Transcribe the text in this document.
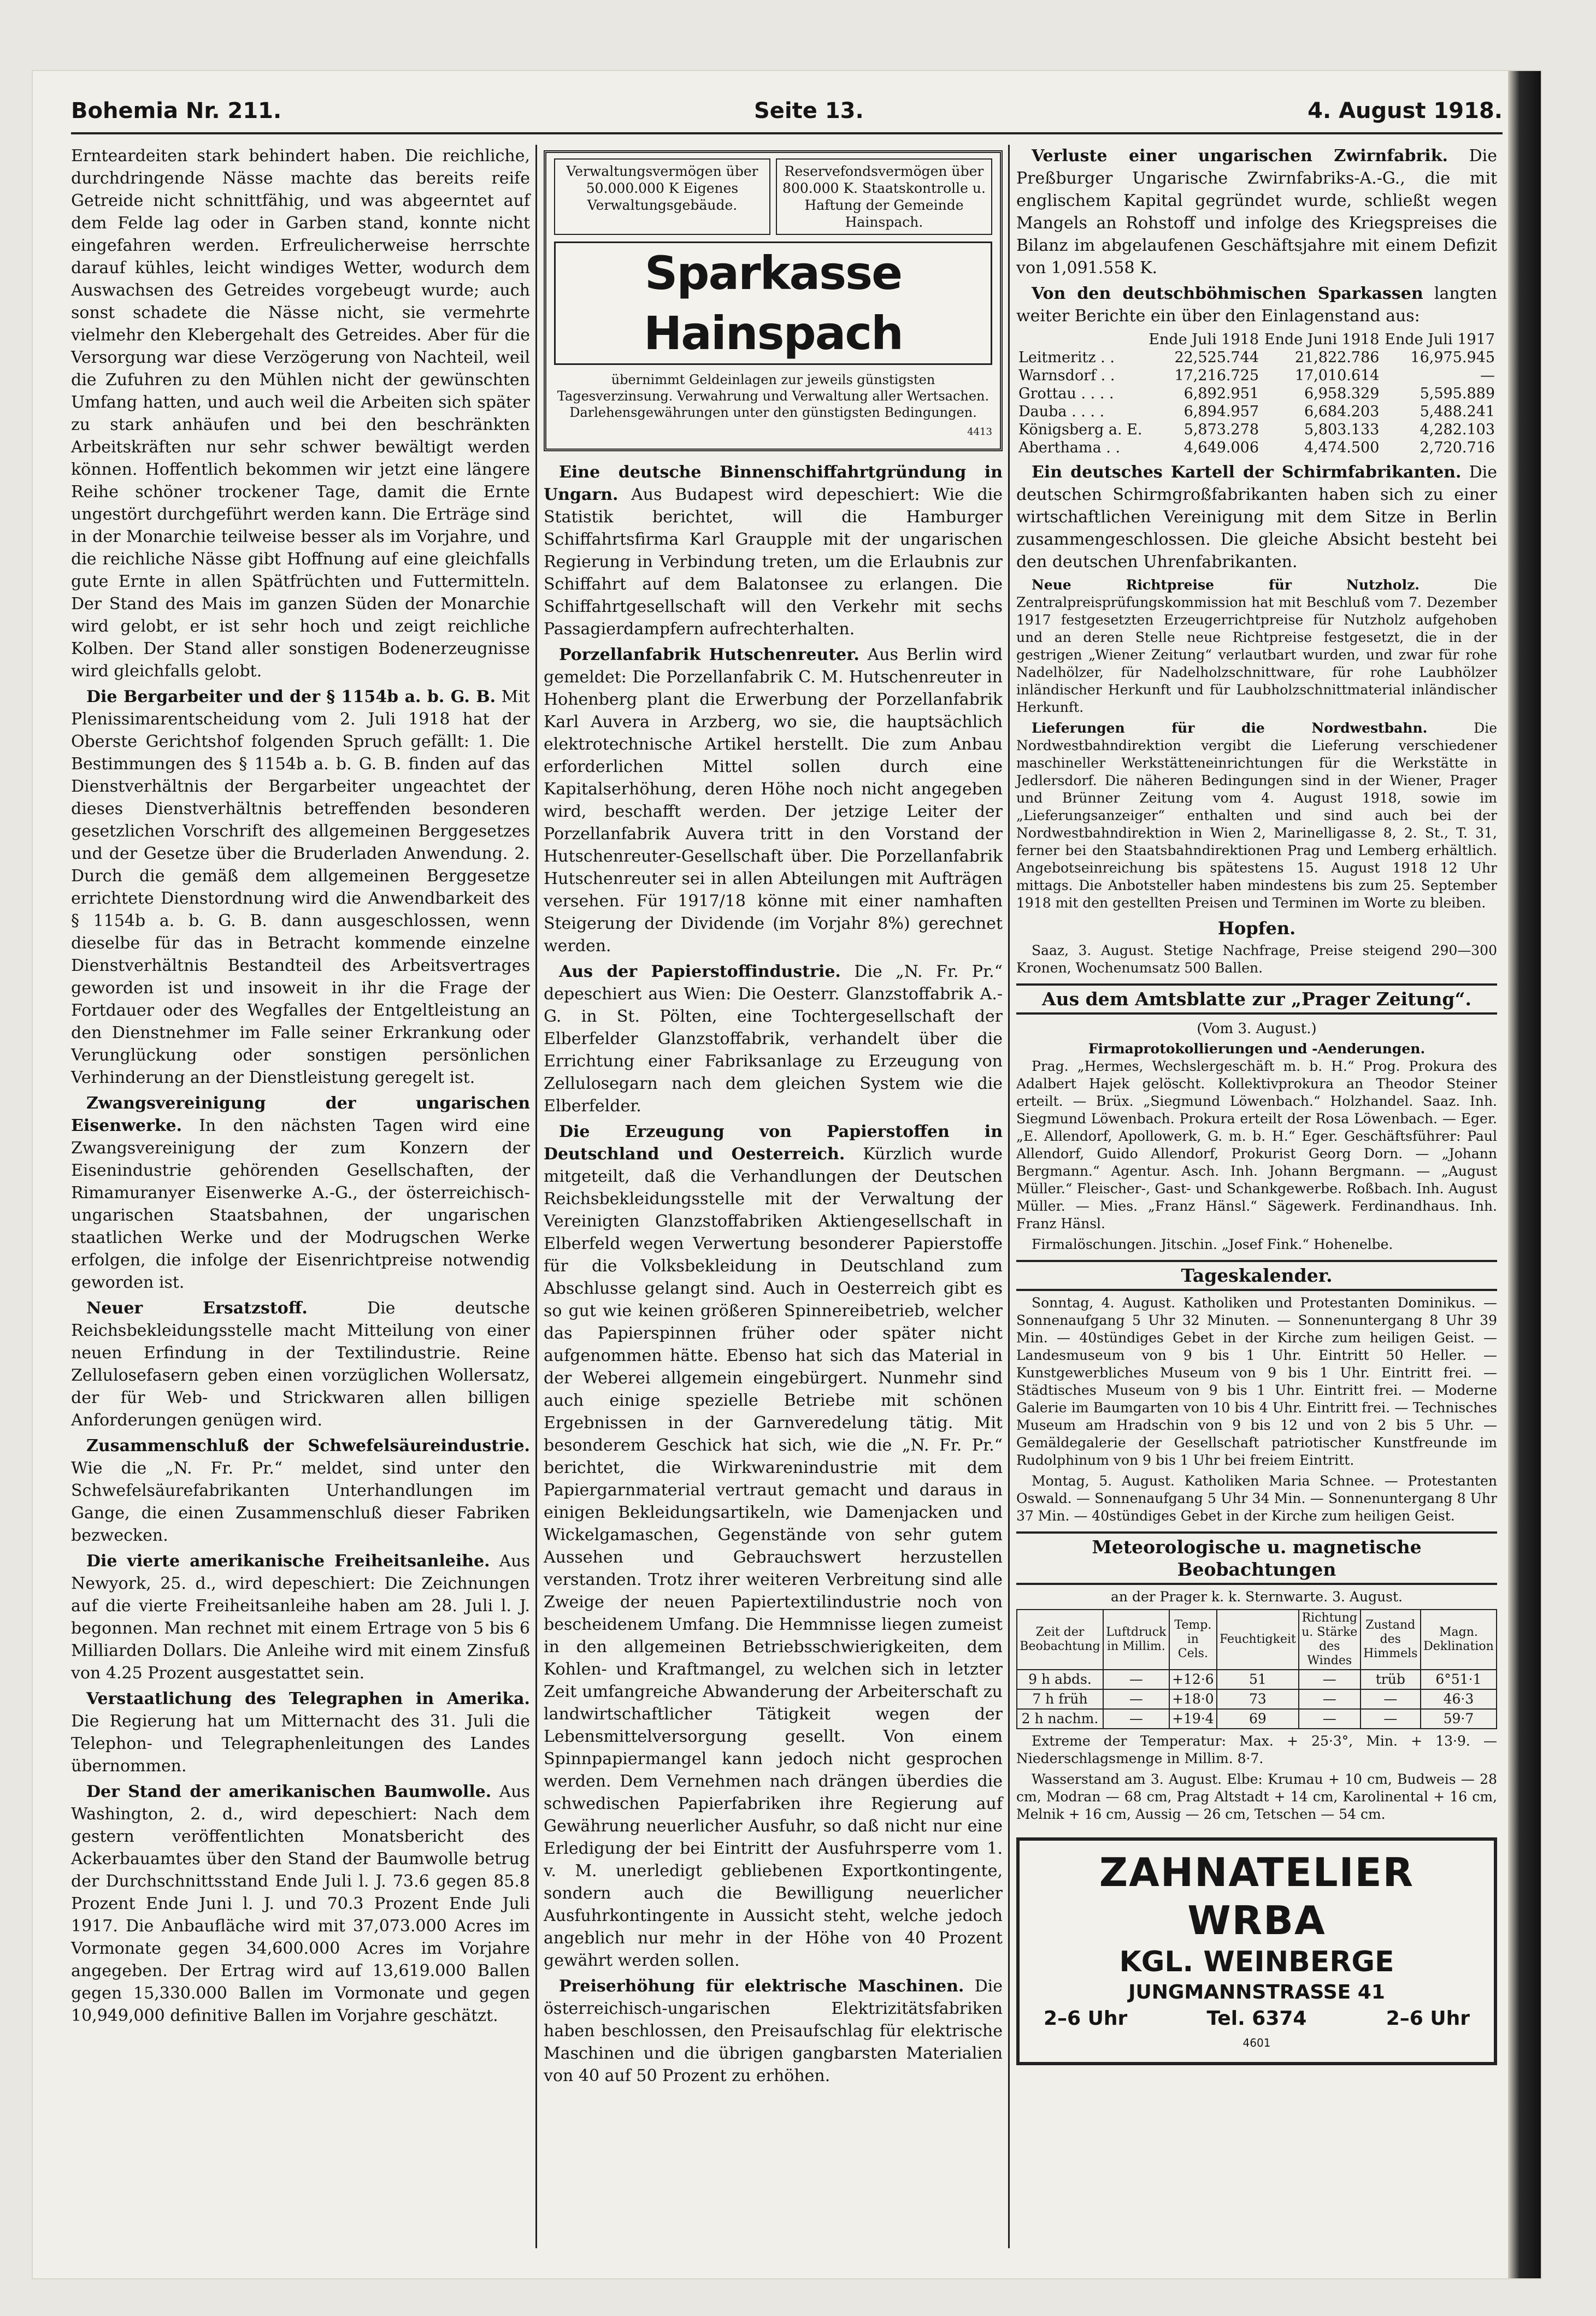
Bohemia Nr. 211.	Seite 13.	4. August 1918.

Ernteardeiten stark behindert haben. Die reichliche, durchdringende Nässe machte das bereits reife Getreide nicht schnittfähig, und was abgeerntet auf dem Felde lag oder in Garben stand, konnte nicht eingefahren werden. Erfreulicherweise herrschte darauf kühles, leicht windiges Wetter, wodurch dem Auswachsen des Getreides vorgebeugt wurde; auch sonst schadete die Nässe nicht, sie vermehrte vielmehr den Klebergehalt des Getreides. Aber für die Versorgung war diese Verzögerung von Nachteil, weil die Zufuhren zu den Mühlen nicht der gewünschten Umfang hatten, und auch weil die Arbeiten sich später zu stark anhäufen und bei den beschränkten Arbeitskräften nur sehr schwer bewältigt werden können. Hoffentlich bekommen wir jetzt eine längere Reihe schöner trockener Tage, damit die Ernte ungestört durchgeführt werden kann. Die Erträge sind in der Monarchie teilweise besser als im Vorjahre, und die reichliche Nässe gibt Hoffnung auf eine gleichfalls gute Ernte in allen Spätfrüchten und Futtermitteln. Der Stand des Mais im ganzen Süden der Monarchie wird gelobt, er ist sehr hoch und zeigt reichliche Kolben. Der Stand aller sonstigen Bodenerzeugnisse wird gleichfalls gelobt.

Die Bergarbeiter und der § 1154b a. b. G. B. Mit Plenissimarentscheidung vom 2. Juli 1918 hat der Oberste Gerichtshof folgenden Spruch gefällt: 1. Die Bestimmungen des § 1154b a. b. G. B. finden auf das Dienstverhältnis der Bergarbeiter ungeachtet der dieses Dienstverhältnis betreffenden besonderen gesetzlichen Vorschrift des allgemeinen Berggesetzes und der Gesetze über die Bruderladen Anwendung. 2. Durch die gemäß dem allgemeinen Berggesetze errichtete Dienstordnung wird die Anwendbarkeit des § 1154b a. b. G. B. dann ausgeschlossen, wenn dieselbe für das in Betracht kommende einzelne Dienstverhältnis Bestandteil des Arbeitsvertrages geworden ist und insoweit in ihr die Frage der Fortdauer oder des Wegfalles der Entgeltleistung an den Dienstnehmer im Falle seiner Erkrankung oder Verunglückung oder sonstigen persönlichen Verhinderung an der Dienstleistung geregelt ist.

Zwangsvereinigung der ungarischen Eisenwerke. In den nächsten Tagen wird eine Zwangsvereinigung der zum Konzern der Eisenindustrie gehörenden Gesellschaften, der Rimamuranyer Eisenwerke A.-G., der österreichisch-ungarischen Staatsbahnen, der ungarischen staatlichen Werke und der Modrugschen Werke erfolgen, die infolge der Eisenrichtpreise notwendig geworden ist.

Neuer Ersatzstoff.	Die deutsche Reichsbekleidungsstelle macht Mitteilung von einer neuen Erfindung in der Textilindustrie. Reine Zellulosefasern geben einen vorzüglichen Wollersatz, der für Web- und Strickwaren allen billigen Anforderungen genügen wird.

Zusammenschluß der Schwefelsäureindustrie. Wie die „N. Fr. Pr.“ meldet, sind unter den Schwefelsäurefabrikanten Unterhandlungen im Gange, die einen Zusammenschluß dieser Fabriken bezwecken.

Die vierte amerikanische Freiheitsanleihe. Aus Newyork, 25. d., wird depeschiert: Die Zeichnungen auf die vierte Freiheitsanleihe haben am 28. Juli l. J. begonnen. Man rechnet mit einem Ertrage von 5 bis 6 Milliarden Dollars. Die Anleihe wird mit einem Zinsfuß von 4.25 Prozent ausgestattet sein.

Verstaatlichung des Telegraphen in Amerika. Die Regierung hat um Mitternacht des 31. Juli die Telephon- und Telegraphenleitungen des Landes übernommen.

Der Stand der amerikanischen Baumwolle. Aus Washington, 2. d., wird depeschiert: Nach dem gestern veröffentlichten Monatsbericht des Ackerbauamtes über den Stand der Baumwolle betrug der Durchschnittsstand Ende Juli l. J. 73.6 gegen 85.8 Prozent Ende Juni l. J. und 70.3 Prozent Ende Juli 1917. Die Anbaufläche wird mit 37,073.000 Acres im Vormonate gegen 34,600.000 Acres im Vorjahre angegeben. Der Ertrag wird auf 13,619.000 Ballen gegen 15,330.000 Ballen im Vormonate und gegen 10,949,000 definitive Ballen im Vorjahre geschätzt.

Verwaltungsvermögen über 50.000.000 K Eigenes Verwaltungsgebäude.
Reservefondsvermögen über 800.000 K. Staatskontrolle u. Haftung der Gemeinde Hainspach.
Sparkasse Hainspach
übernimmt Geldeinlagen zur jeweils günstigsten Tagesverzinsung. Verwahrung und Verwaltung aller Wertsachen. Darlehensgewährungen unter den günstigsten Bedingungen.
4413

Eine deutsche Binnenschiffahrtgründung in Ungarn. Aus Budapest wird depeschiert: Wie die Statistik berichtet, will die Hamburger Schiffahrtsfirma Karl Graupple mit der ungarischen Regierung in Verbindung treten, um die Erlaubnis zur Schiffahrt auf dem Balatonsee zu erlangen. Die Schiffahrtgesellschaft will den Verkehr mit sechs Passagierdampfern aufrechterhalten.

Porzellanfabrik Hutschenreuter. Aus Berlin wird gemeldet: Die Porzellanfabrik C. M. Hutschenreuter in Hohenberg plant die Erwerbung der Porzellanfabrik Karl Auvera in Arzberg, wo sie, die hauptsächlich elektrotechnische Artikel herstellt. Die zum Anbau erforderlichen Mittel sollen durch eine Kapitalserhöhung, deren Höhe noch nicht angegeben wird, beschafft werden. Der jetzige Leiter der Porzellanfabrik Auvera tritt in den Vorstand der Hutschenreuter-Gesellschaft über. Die Porzellanfabrik Hutschenreuter sei in allen Abteilungen mit Aufträgen versehen. Für 1917/18 könne mit einer namhaften Steigerung der Dividende (im Vorjahr 8%) gerechnet werden.

Aus der Papierstoffindustrie. Die „N. Fr. Pr.“ depeschiert aus Wien: Die Oesterr. Glanzstoffabrik A.-G. in St. Pölten, eine Tochtergesellschaft der Elberfelder Glanzstoffabrik, verhandelt über die Errichtung einer Fabriksanlage zu Erzeugung von Zellulosegarn nach dem gleichen System wie die Elberfelder.

Die Erzeugung von Papierstoffen in Deutschland und Oesterreich. Kürzlich wurde mitgeteilt, daß die Verhandlungen der Deutschen Reichsbekleidungsstelle mit der Verwaltung der Vereinigten Glanzstoffabriken Aktiengesellschaft in Elberfeld wegen Verwertung besonderer Papierstoffe für die Volksbekleidung in Deutschland zum Abschlusse gelangt sind. Auch in Oesterreich gibt es so gut wie keinen größeren Spinnereibetrieb, welcher das Papierspinnen früher oder später nicht aufgenommen hätte. Ebenso hat sich das Material in der Weberei allgemein eingebürgert. Nunmehr sind auch einige spezielle Betriebe mit schönen Ergebnissen in der Garnveredelung tätig. Mit besonderem Geschick hat sich, wie die „N. Fr. Pr.“ berichtet, die Wirkwarenindustrie mit dem Papiergarnmaterial vertraut gemacht und daraus in einigen Bekleidungsartikeln, wie Damenjacken und Wickelgamaschen, Gegenstände von sehr gutem Aussehen und Gebrauchswert herzustellen verstanden. Trotz ihrer weiteren Verbreitung sind alle Zweige der neuen Papiertextilindustrie noch von bescheidenem Umfang. Die Hemmnisse liegen zumeist in den allgemeinen Betriebsschwierigkeiten, dem Kohlen- und Kraftmangel, zu welchen sich in letzter Zeit umfangreiche Abwanderung der Arbeiterschaft zu landwirtschaftlicher Tätigkeit wegen der Lebensmittelversorgung gesellt. Von einem Spinnpapiermangel kann jedoch nicht gesprochen werden. Dem Vernehmen nach drängen überdies die schwedischen Papierfabriken ihre Regierung auf Gewährung neuerlicher Ausfuhr, so daß nicht nur eine Erledigung der bei Eintritt der Ausfuhrsperre vom 1. v. M. unerledigt gebliebenen Exportkontingente, sondern auch die Bewilligung neuerlicher Ausfuhrkontingente in Aussicht steht, welche jedoch angeblich nur mehr in der Höhe von 40 Prozent gewährt werden sollen.

Preiserhöhung für elektrische Maschinen. Die österreichisch-ungarischen Elektrizitätsfabriken haben beschlossen, den Preisaufschlag für elektrische Maschinen und die übrigen gangbarsten Materialien von 40 auf 50 Prozent zu erhöhen.

Verluste einer ungarischen Zwirnfabrik. Die Preßburger Ungarische Zwirnfabriks-A.-G., die mit englischem Kapital gegründet wurde, schließt wegen Mangels an Rohstoff und infolge des Kriegspreises die Bilanz im abgelaufenen Geschäftsjahre mit einem Defizit von 1,091.558 K.

Von den deutschböhmischen Sparkassen langten weiter Berichte ein über den Einlagenstand aus:

	Ende Juli 1918	Ende Juni 1918	Ende Juli 1917
Leitmeritz . .	22,525.744	21,822.786	16,975.945
Warnsdorf . .	17,216.725	17,010.614	—
Grottau . . . .	6,892.951	6,958.329	5,595.889
Dauba . . . .	6,894.957	6,684.203	5,488.241
Königsberg a. E.	5,873.278	5,803.133	4,282.103
Aberthama . .	4,649.006	4,474.500	2,720.716

Ein deutsches Kartell der Schirmfabrikanten. Die deutschen Schirmgroßfabrikanten haben sich zu einer wirtschaftlichen Vereinigung mit dem Sitze in Berlin zusammengeschlossen. Die gleiche Absicht besteht bei den deutschen Uhrenfabrikanten.

Neue Richtpreise für Nutzholz.	Die Zentralpreisprüfungskommission hat mit Beschluß vom 7. Dezember 1917 festgesetzten Erzeugerrichtpreise für Nutzholz aufgehoben und an deren Stelle neue Richtpreise festgesetzt, die in der gestrigen „Wiener Zeitung“ verlautbart wurden, und zwar für rohe Nadelhölzer, für Nadelholzschnittware, für rohe Laubhölzer inländischer Herkunft und für Laubholzschnittmaterial inländischer Herkunft.

Lieferungen für die Nordwestbahn.	Die Nordwestbahndirektion vergibt die Lieferung verschiedener maschineller Werkstätteneinrichtungen für die Werkstätte in Jedlersdorf. Die näheren Bedingungen sind in der Wiener, Prager und Brünner Zeitung vom 4. August 1918, sowie im „Lieferungsanzeiger“ enthalten und sind auch bei der Nordwestbahndirektion in Wien 2, Marinelligasse 8, 2. St., T. 31, ferner bei den Staatsbahndirektionen Prag und Lemberg erhältlich. Angebotseinreichung bis spätestens 15. August 1918 12 Uhr mittags. Die Anbotsteller haben mindestens bis zum 25. September 1918 mit den gestellten Preisen und Terminen im Worte zu bleiben.

Hopfen.

Saaz, 3. August. Stetige Nachfrage, Preise steigend 290—300 Kronen, Wochenumsatz 500 Ballen.

Aus dem Amtsblatte zur „Prager Zeitung“.
(Vom 3. August.)
Firmaprotokollierungen und -Aenderungen.

Prag. „Hermes, Wechslergeschäft m. b. H.“ Prog. Prokura des Adalbert Hajek gelöscht. Kollektivprokura an Theodor Steiner erteilt. — Brüx. „Siegmund Löwenbach.“ Holzhandel. Saaz. Inh. Siegmund Löwenbach. Prokura erteilt der Rosa Löwenbach. — Eger. „E. Allendorf, Apollowerk, G. m. b. H.“ Eger. Geschäftsführer: Paul Allendorf, Guido Allendorf, Prokurist Georg Dorn. — „Johann Bergmann.“ Agentur. Asch. Inh. Johann Bergmann. — „August Müller.“ Fleischer-, Gast- und Schankgewerbe. Roßbach. Inh. August Müller. — Mies. „Franz Hänsl.“ Sägewerk. Ferdinandhaus. Inh. Franz Hänsl.

Firmalöschungen. Jitschin. „Josef Fink.“ Hohenelbe.

Tageskalender.

Sonntag, 4. August. Katholiken und Protestanten Dominikus. — Sonnenaufgang 5 Uhr 32 Minuten. — Sonnenuntergang 8 Uhr 39 Min. — 40stündiges Gebet in der Kirche zum heiligen Geist. — Landesmuseum von 9 bis 1 Uhr. Eintritt 50 Heller. — Kunstgewerbliches Museum von 9 bis 1 Uhr. Eintritt frei. — Städtisches Museum von 9 bis 1 Uhr. Eintritt frei. — Moderne Galerie im Baumgarten von 10 bis 4 Uhr. Eintritt frei. — Technisches Museum am Hradschin von 9 bis 12 und von 2 bis 5 Uhr. — Gemäldegalerie der Gesellschaft patriotischer Kunstfreunde im Rudolphinum von 9 bis 1 Uhr bei freiem Eintritt.

Montag, 5. August. Katholiken Maria Schnee. — Protestanten Oswald. — Sonnenaufgang 5 Uhr 34 Min. — Sonnenuntergang 8 Uhr 37 Min. — 40stündiges Gebet in der Kirche zum heiligen Geist.

Meteorologische u. magnetische Beobachtungen
an der Prager k. k. Sternwarte. 3. August.
Zeit der Beobachtung	Luftdruck in Millim.	Temp. in Cels.	Feuchtigkeit	Richtung u. Stärke des Windes	Zustand des Himmels	Magn. Deklination
9 h abds.	—	+12·6	51	—	trüb	6°51·1
7 h früh	—	+18·0	73	—	—	46·3
2 h nachm.	—	+19·4	69	—	—	59·7

Extreme der Temperatur: Max. + 25·3°, Min. + 13·9. — Niederschlagsmenge in Millim. 8·7.

Wasserstand am 3. August. Elbe: Krumau + 10 cm, Budweis — 28 cm, Modran — 68 cm, Prag Altstadt + 14 cm, Karolinental + 16 cm, Melnik + 16 cm, Aussig — 26 cm, Tetschen — 54 cm.

ZAHNATELIER WRBA
KGL. WEINBERGE
JUNGMANNSTRASSE 41
2–6 Uhr	Tel. 6374	2–6 Uhr
4601
